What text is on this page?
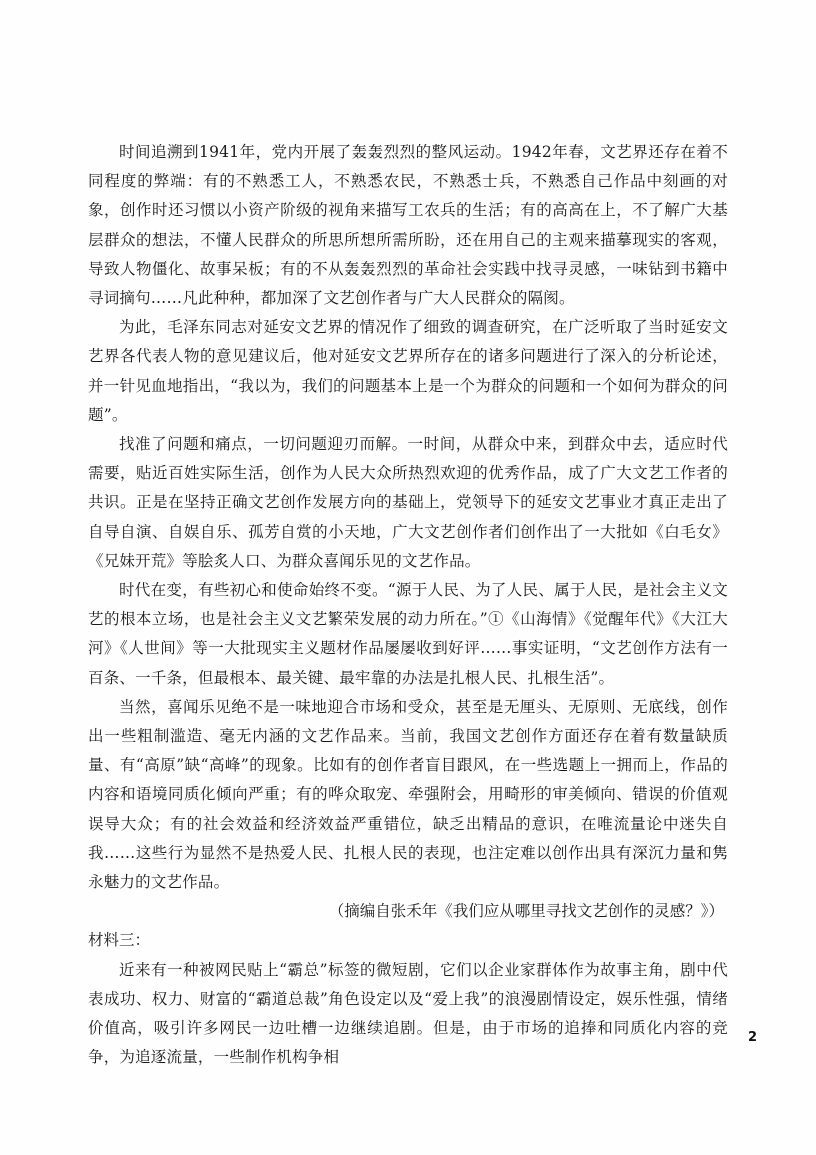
时间追溯到1941年，党内开展了轰轰烈烈的整风运动。1942年春，文艺界还存在着不同程度的弊端：有的不熟悉工人，不熟悉农民，不熟悉士兵，不熟悉自己作品中刻画的对象，创作时还习惯以小资产阶级的视角来描写工农兵的生活；有的高高在上，不了解广大基层群众的想法，不懂人民群众的所思所想所需所盼，还在用自己的主观来描摹现实的客观，导致人物僵化、故事呆板；有的不从轰轰烈烈的革命社会实践中找寻灵感，一味钻到书籍中寻词摘句……凡此种种，都加深了文艺创作者与广大人民群众的隔阂。

为此，毛泽东同志对延安文艺界的情况作了细致的调查研究，在广泛听取了当时延安文艺界各代表人物的意见建议后，他对延安文艺界所存在的诸多问题进行了深入的分析论述，并一针见血地指出，“我以为，我们的问题基本上是一个为群众的问题和一个如何为群众的问题”。

找准了问题和痛点，一切问题迎刃而解。一时间，从群众中来，到群众中去，适应时代需要，贴近百姓实际生活，创作为人民大众所热烈欢迎的优秀作品，成了广大文艺工作者的共识。正是在坚持正确文艺创作发展方向的基础上，党领导下的延安文艺事业才真正走出了自导自演、自娱自乐、孤芳自赏的小天地，广大文艺创作者们创作出了一大批如《白毛女》《兄妹开荒》等脍炙人口、为群众喜闻乐见的文艺作品。

时代在变，有些初心和使命始终不变。“源于人民、为了人民、属于人民，是社会主义文艺的根本立场，也是社会主义文艺繁荣发展的动力所在。”①《山海情》《觉醒年代》《大江大河》《人世间》等一大批现实主义题材作品屡屡收到好评……事实证明，“文艺创作方法有一百条、一千条，但最根本、最关键、最牢靠的办法是扎根人民、扎根生活”。

当然，喜闻乐见绝不是一味地迎合市场和受众，甚至是无厘头、无原则、无底线，创作出一些粗制滥造、毫无内涵的文艺作品来。当前，我国文艺创作方面还存在着有数量缺质量、有“高原”缺“高峰”的现象。比如有的创作者盲目跟风，在一些选题上一拥而上，作品的内容和语境同质化倾向严重；有的哗众取宠、牵强附会，用畸形的审美倾向、错误的价值观误导大众；有的社会效益和经济效益严重错位，缺乏出精品的意识，在唯流量论中迷失自我……这些行为显然不是热爱人民、扎根人民的表现，也注定难以创作出具有深沉力量和隽永魅力的文艺作品。

（摘编自张禾年《我们应从哪里寻找文艺创作的灵感？》）

材料三：

近来有一种被网民贴上“霸总”标签的微短剧，它们以企业家群体作为故事主角，剧中代表成功、权力、财富的“霸道总裁”角色设定以及“爱上我”的浪漫剧情设定，娱乐性强，情绪价值高，吸引许多网民一边吐槽一边继续追剧。但是，由于市场的追捧和同质化内容的竞争，为追逐流量，一些制作机构争相

2
